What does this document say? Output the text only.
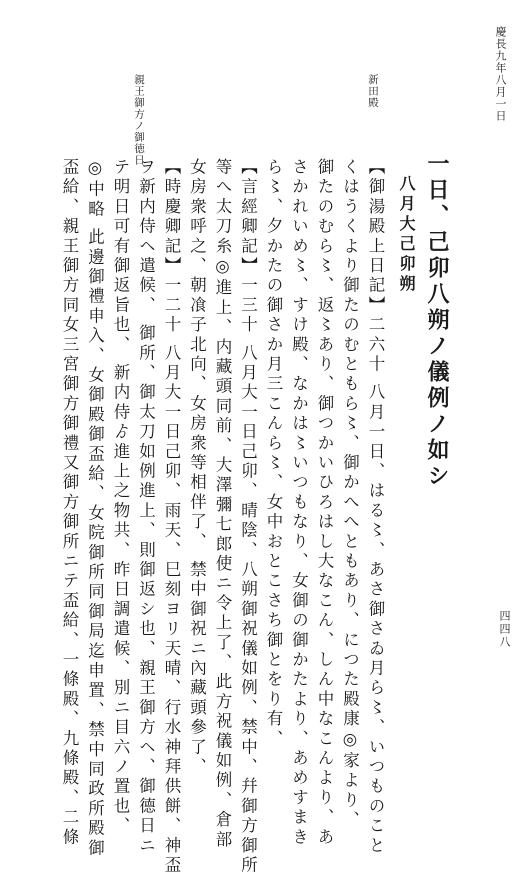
慶長九年八月一日
新田殿
親王御方ノ御徳日
一日、己卯八朔ノ儀例ノ如シ
八月大己卯朔
【御湯殿上日記】二六十 八月一日、はる〻、あさ御さゐ月ら〻、いつものこと
くはうくより御たのむともら〻、御かへへともあり、につた殿康◎家より、
御たのむら〻、返〻あり、御つかいひろはし大なこん、しん中なこんより、あ
さかれいめ〻、すけ殿、なかは〻いつもなり、女御の御かたより、あめすまき
ら〻、夕かたの御さか月三こんら〻、女中おとこさち御とをり有、
【言經卿記】一三十 八月大一日己卯、晴陰、八朔御祝儀如例、禁中、幷御方御所
等へ太刀糸◎進上、内藏頭同前、大澤彌七郎使ニ令上了、此方祝儀如例、倉部
女房衆呼之、朝飡子北向、女房衆等相伴了、 禁中御祝ニ內藏頭參了、
【時慶卿記】一二十 八月大一日己卯、雨天、巳刻ヨリ天晴、行水神拜供餅、神盃
ヲ新内侍ヘ遣候、 御所、御太刀如例進上、則御返シ也、親王御方ヘ、御德日ニ
テ明日可有御返旨也、 新内侍ゟ進上之物共、昨日調遣候、別ニ目六ノ置也、
◎中略 此邊御禮申入、女御殿御盃給、女院御所同御局迄申置、禁中同政所殿御
盃給、親王御方同女三宮御方御禮又御方御所ニテ盃給、一條殿、九條殿、二條	四四八
